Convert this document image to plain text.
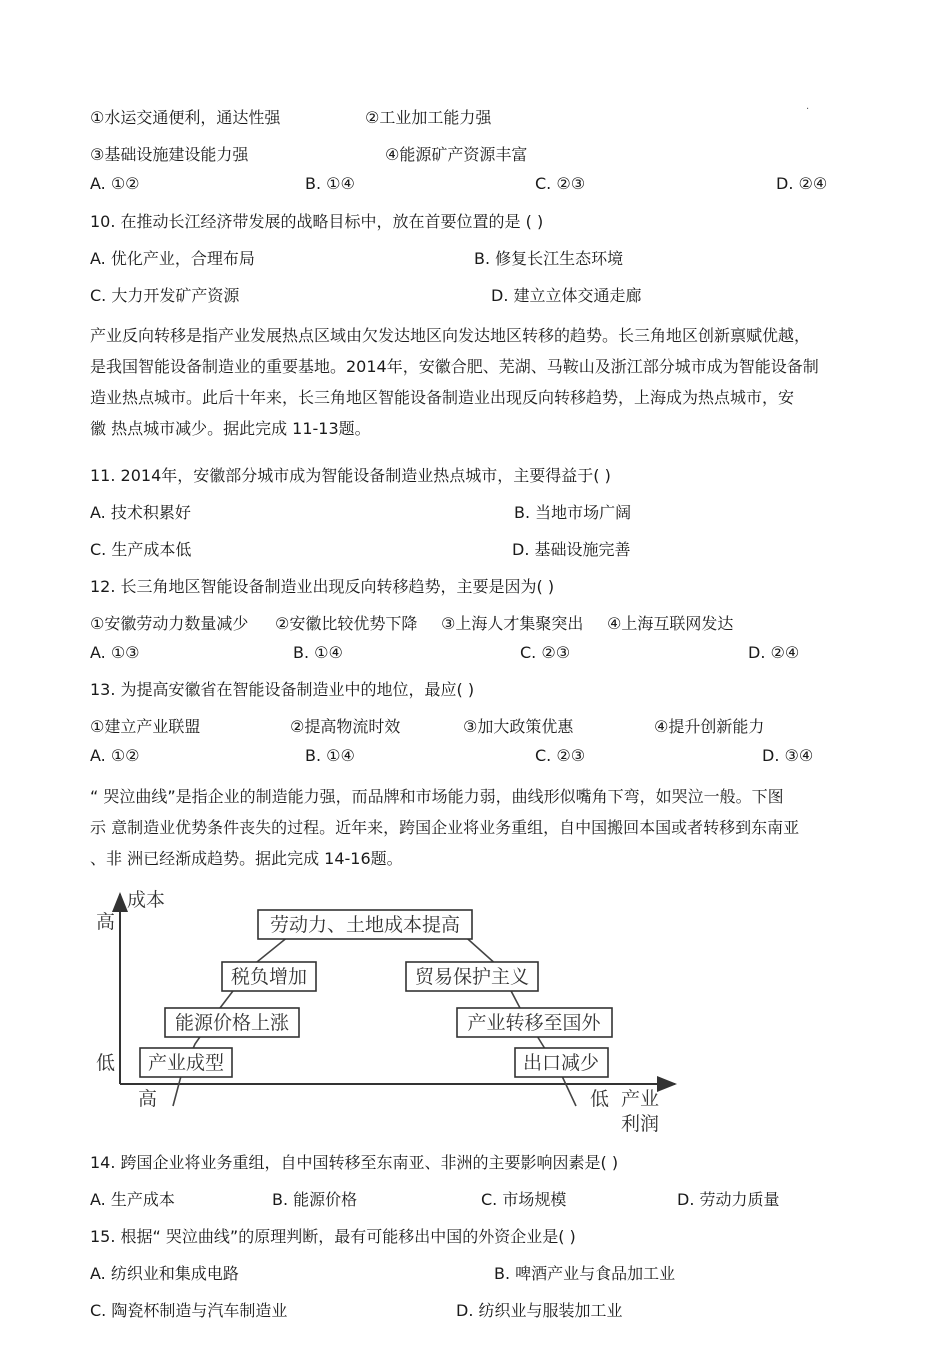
①水运交通便利，通达性强	②工业加工能力强	·
③基础设施建设能力强	④能源矿产资源丰富
A. ①②	B. ①④	C. ②③	D. ②④
10. 在推动长江经济带发展的战略目标中，放在首要位置的是 ( )
A. 优化产业，合理布局	B. 修复长江生态环境
C. 大力开发矿产资源	D. 建立立体交通走廊
产业反向转移是指产业发展热点区域由欠发达地区向发达地区转移的趋势。长三角地区创新禀赋优越，
是我国智能设备制造业的重要基地。2014年，安徽合肥、芜湖、马鞍山及浙江部分城市成为智能设备制
造业热点城市。此后十年来，长三角地区智能设备制造业出现反向转移趋势，上海成为热点城市，安
徽 热点城市减少。据此完成 11-13题。
11. 2014年，安徽部分城市成为智能设备制造业热点城市，主要得益于( )
A. 技术积累好	B. 当地市场广阔
C. 生产成本低	D. 基础设施完善
12. 长三角地区智能设备制造业出现反向转移趋势，主要是因为( )
①安徽劳动力数量减少 ②安徽比较优势下降 ③上海人才集聚突出 ④上海互联网发达
A. ①③	B. ①④	C. ②③	D. ②④
13. 为提高安徽省在智能设备制造业中的地位，最应( )
①建立产业联盟	②提高物流时效	③加大政策优惠	④提升创新能力
A. ①②	B. ①④	C. ②③	D. ③④
“ 哭泣曲线”是指企业的制造能力强，而品牌和市场能力弱，曲线形似嘴角下弯，如哭泣一般。下图
示 意制造业优势条件丧失的过程。近年来，跨国企业将业务重组，自中国搬回本国或者转移到东南亚
、非 洲已经渐成趋势。据此完成 14-16题。
成本
高
低
高	低 产业
利润
劳动力、土地成本提高
税负增加	贸易保护主义
能源价格上涨	产业转移至国外
产业成型	出口减少
14. 跨国企业将业务重组，自中国转移至东南亚、非洲的主要影响因素是( )
A. 生产成本	B. 能源价格	C. 市场规模	D. 劳动力质量
15. 根据“ 哭泣曲线”的原理判断，最有可能移出中国的外资企业是( )
A. 纺织业和集成电路	B. 啤酒产业与食品加工业
C. 陶瓷杯制造与汽车制造业	D. 纺织业与服装加工业
